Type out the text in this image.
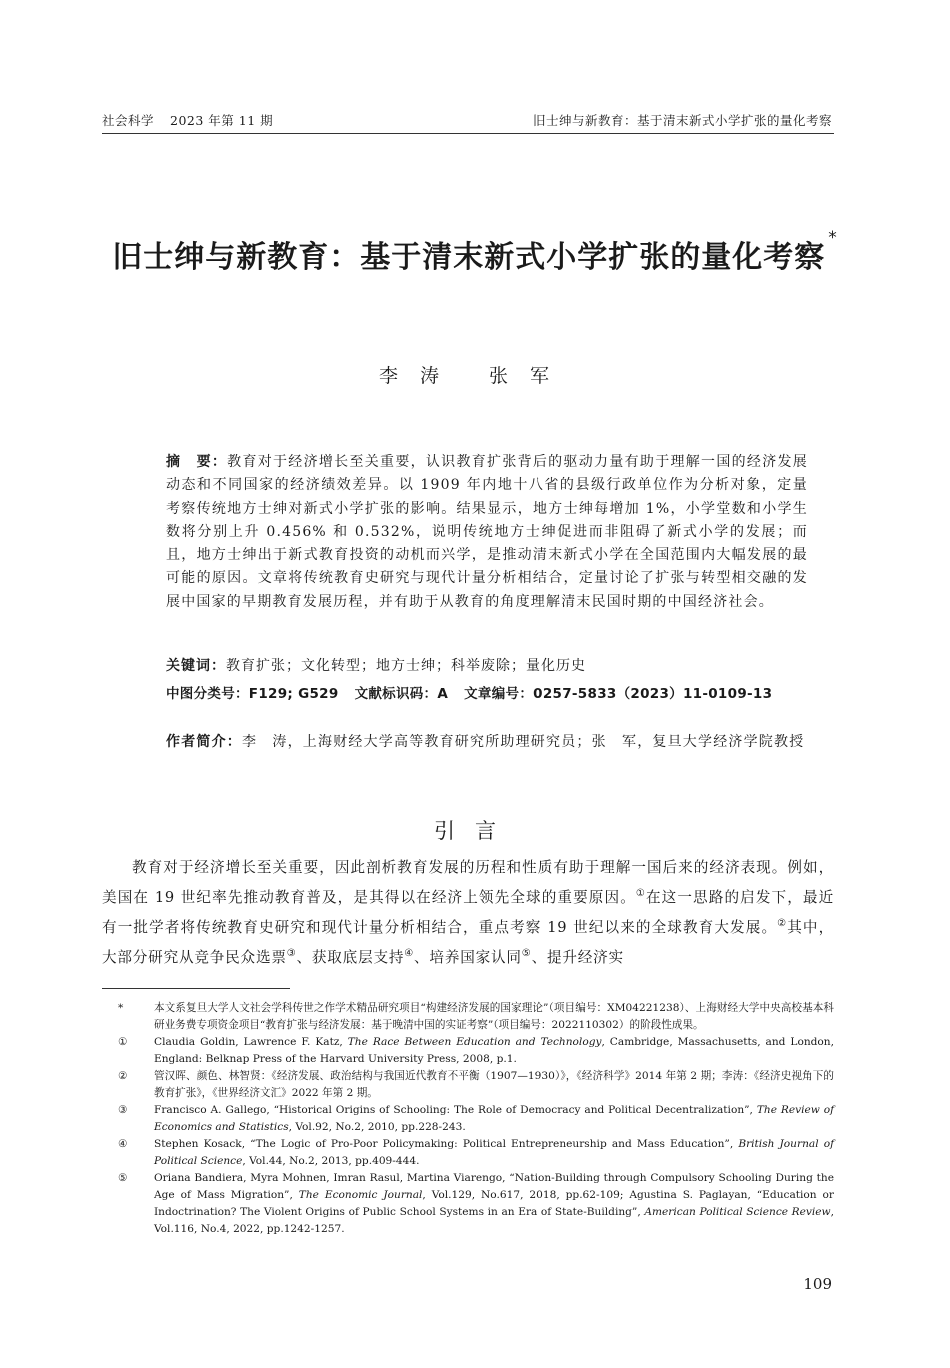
社会科学 2023 年第 11 期	旧士绅与新教育：基于清末新式小学扩张的量化考察
旧士绅与新教育：基于清末新式小学扩张的量化考察*
李涛 张军
摘　要：教育对于经济增长至关重要，认识教育扩张背后的驱动力量有助于理解一国的经济发展动态和不同国家的经济绩效差异。以 1909 年内地十八省的县级行政单位作为分析对象，定量考察传统地方士绅对新式小学扩张的影响。结果显示，地方士绅每增加 1%，小学堂数和小学生数将分别上升 0.456% 和 0.532%，说明传统地方士绅促进而非阻碍了新式小学的发展；而且，地方士绅出于新式教育投资的动机而兴学，是推动清末新式小学在全国范围内大幅发展的最可能的原因。文章将传统教育史研究与现代计量分析相结合，定量讨论了扩张与转型相交融的发展中国家的早期教育发展历程，并有助于从教育的角度理解清末民国时期的中国经济社会。
关键词：教育扩张；文化转型；地方士绅；科举废除；量化历史
中图分类号：F129; G529 文献标识码：A 文章编号：0257-5833（2023）11-0109-13
作者简介：李　涛，上海财经大学高等教育研究所助理研究员；张　军，复旦大学经济学院教授
引言
教育对于经济增长至关重要，因此剖析教育发展的历程和性质有助于理解一国后来的经济表现。例如，美国在 19 世纪率先推动教育普及，是其得以在经济上领先全球的重要原因。①在这一思路的启发下，最近有一批学者将传统教育史研究和现代计量分析相结合，重点考察 19 世纪以来的全球教育大发展。②其中，大部分研究从竞争民众选票③、获取底层支持④、培养国家认同⑤、提升经济实
*	本文系复旦大学人文社会学科传世之作学术精品研究项目“构建经济发展的国家理论”（项目编号：XM04221238）、上海财经大学中央高校基本科研业务费专项资金项目“教育扩张与经济发展：基于晚清中国的实证考察”（项目编号：2022110302）的阶段性成果。
①	Claudia Goldin, Lawrence F. Katz, The Race Between Education and Technology, Cambridge, Massachusetts, and London, England: Belknap Press of the Harvard University Press, 2008, p.1.
②	管汉晖、颜色、林智贤：《经济发展、政治结构与我国近代教育不平衡（1907—1930）》，《经济科学》2014 年第 2 期；李涛：《经济史视角下的教育扩张》，《世界经济文汇》2022 年第 2 期。
③	Francisco A. Gallego, “Historical Origins of Schooling: The Role of Democracy and Political Decentralization”, The Review of Economics and Statistics, Vol.92, No.2, 2010, pp.228-243.
④	Stephen Kosack, “The Logic of Pro-Poor Policymaking: Political Entrepreneurship and Mass Education”, British Journal of Political Science, Vol.44, No.2, 2013, pp.409-444.
⑤	Oriana Bandiera, Myra Mohnen, Imran Rasul, Martina Viarengo, “Nation-Building through Compulsory Schooling During the Age of Mass Migration”, The Economic Journal, Vol.129, No.617, 2018, pp.62-109; Agustina S. Paglayan, “Education or Indoctrination? The Violent Origins of Public School Systems in an Era of State-Building”, American Political Science Review, Vol.116, No.4, 2022, pp.1242-1257.
109
